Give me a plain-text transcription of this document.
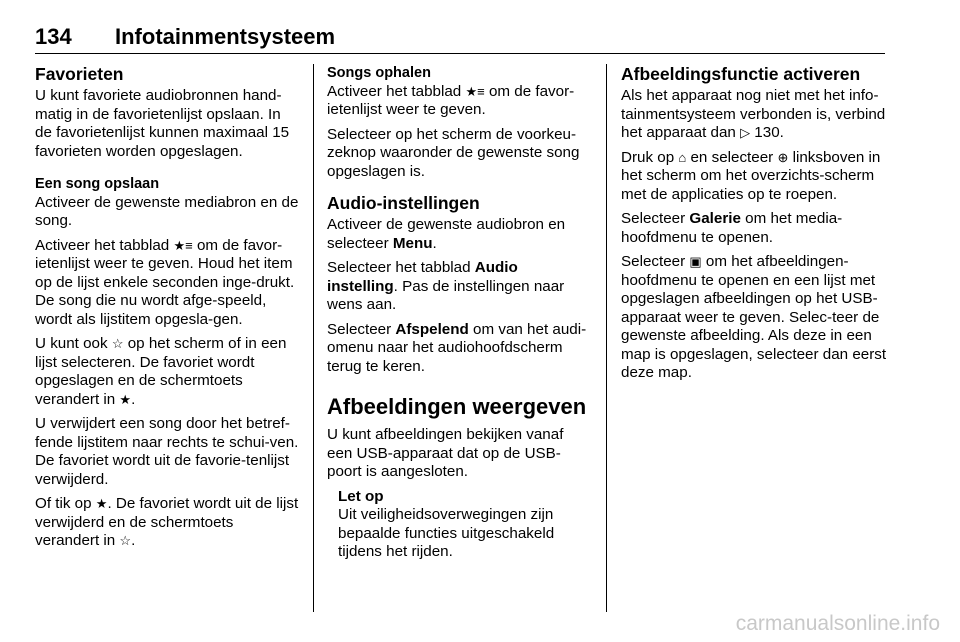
134 Infotainmentsysteem
Favorieten

U kunt favoriete audiobronnen hand-matig in de favorietenlijst opslaan. In de favorietenlijst kunnen maximaal 15 favorieten worden opgeslagen.

Een song opslaan

Activeer de gewenste mediabron en de song.

Activeer het tabblad ★≡ om de favor-ietenlijst weer te geven. Houd het item op de lijst enkele seconden inge-drukt. De song die nu wordt afge-speeld, wordt als lijstitem opgesla-gen.

U kunt ook ☆ op het scherm of in een lijst selecteren. De favoriet wordt opgeslagen en de schermtoets verandert in ★.

U verwijdert een song door het betref-fende lijstitem naar rechts te schui-ven. De favoriet wordt uit de favorie-tenlijst verwijderd.

Of tik op ★. De favoriet wordt uit de lijst verwijderd en de schermtoets verandert in ☆.

Songs ophalen

Activeer het tabblad ★≡ om de favor-ietenlijst weer te geven.

Selecteer op het scherm de voorkeu-zeknop waaronder de gewenste song opgeslagen is.

Audio-instellingen

Activeer de gewenste audiobron en selecteer Menu.

Selecteer het tabblad Audio instelling. Pas de instellingen naar wens aan.

Selecteer Afspelend om van het audi-omenu naar het audiohoofdscherm terug te keren.

Afbeeldingen weergeven

U kunt afbeeldingen bekijken vanaf een USB-apparaat dat op de USB-poort is aangesloten.

Let op
Uit veiligheidsoverwegingen zijn bepaalde functies uitgeschakeld tijdens het rijden.
Afbeeldingsfunctie activeren

Als het apparaat nog niet met het info-tainmentsysteem verbonden is, verbind het apparaat dan ▷ 130.

Druk op ⌂ en selecteer ⊕ linksboven in het scherm om het overzichts-scherm met de applicaties op te roepen.

Selecteer Galerie om het media-hoofdmenu te openen.

Selecteer ▣ om het afbeeldingen-hoofdmenu te openen en een lijst met opgeslagen afbeeldingen op het USB-apparaat weer te geven. Selec-teer de gewenste afbeelding. Als deze in een map is opgeslagen, selecteer dan eerst deze map.

carmanualsonline.info
